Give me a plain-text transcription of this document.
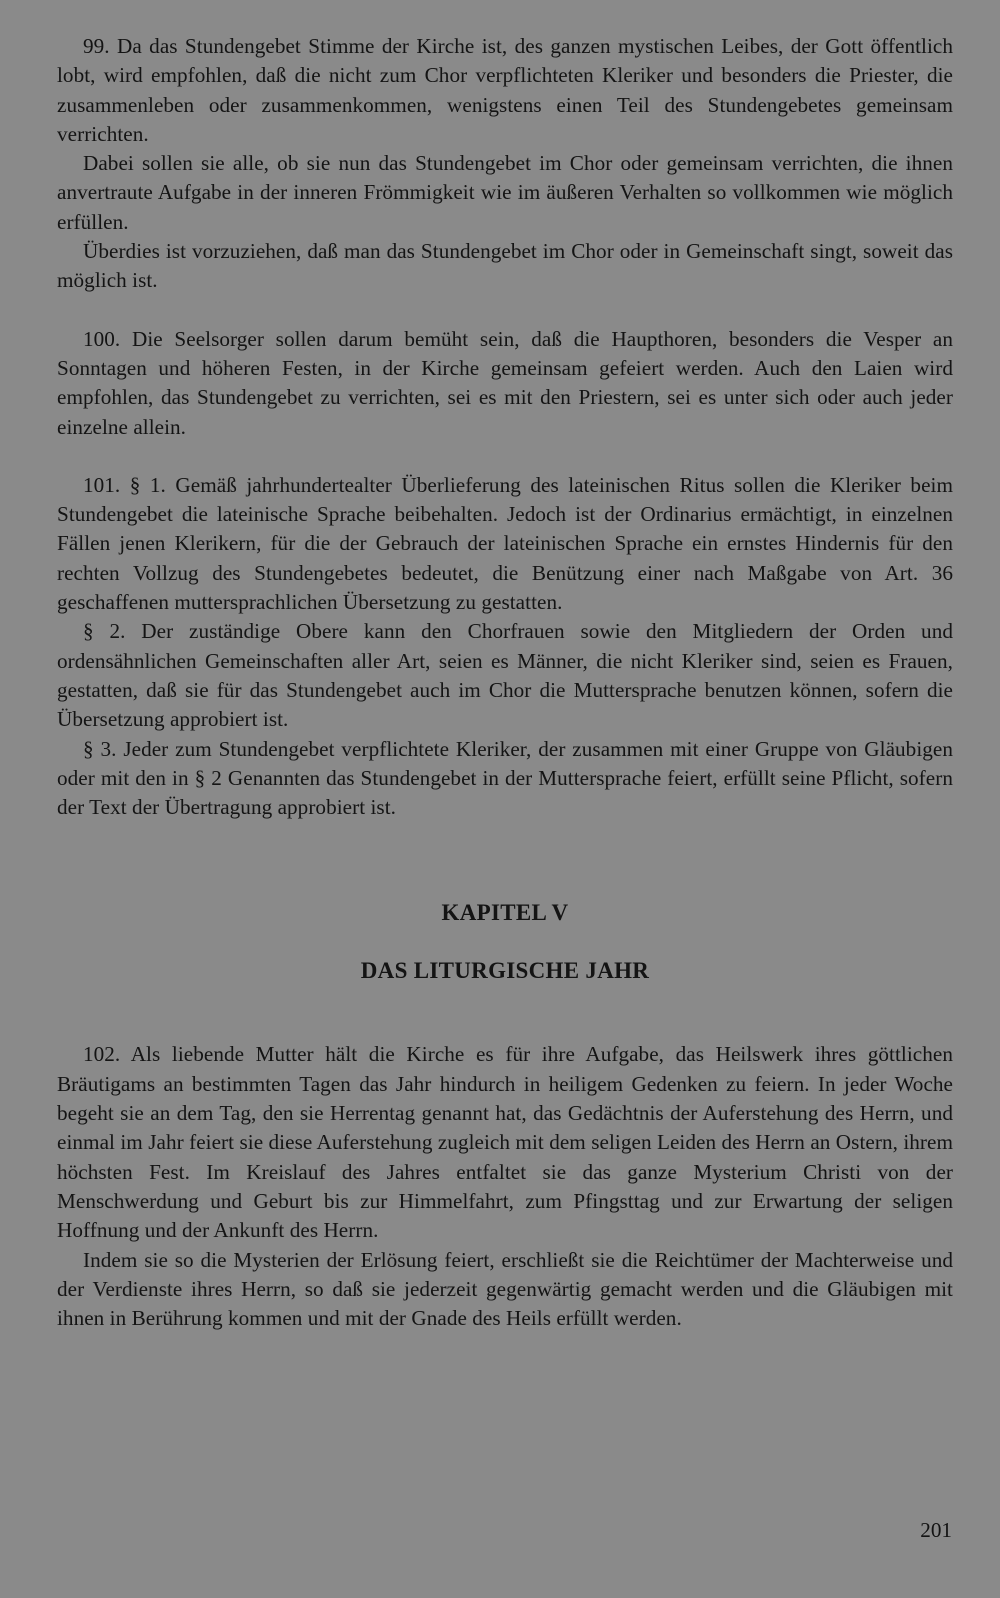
99. Da das Stundengebet Stimme der Kirche ist, des ganzen mystischen Leibes, der Gott öffentlich lobt, wird empfohlen, daß die nicht zum Chor verpflichteten Kleriker und besonders die Priester, die zusammenleben oder zusammenkommen, wenigstens einen Teil des Stundengebetes gemeinsam verrichten.

Dabei sollen sie alle, ob sie nun das Stundengebet im Chor oder gemeinsam verrichten, die ihnen anvertraute Aufgabe in der inneren Frömmigkeit wie im äußeren Verhalten so vollkommen wie möglich erfüllen.

Überdies ist vorzuziehen, daß man das Stundengebet im Chor oder in Gemeinschaft singt, soweit das möglich ist.

100. Die Seelsorger sollen darum bemüht sein, daß die Haupthoren, besonders die Vesper an Sonntagen und höheren Festen, in der Kirche gemeinsam gefeiert werden. Auch den Laien wird empfohlen, das Stundengebet zu verrichten, sei es mit den Priestern, sei es unter sich oder auch jeder einzelne allein.

101. § 1. Gemäß jahrhundertealter Überlieferung des lateinischen Ritus sollen die Kleriker beim Stundengebet die lateinische Sprache beibehalten. Jedoch ist der Ordinarius ermächtigt, in einzelnen Fällen jenen Klerikern, für die der Gebrauch der lateinischen Sprache ein ernstes Hindernis für den rechten Vollzug des Stundengebetes bedeutet, die Benützung einer nach Maßgabe von Art. 36 geschaffenen muttersprachlichen Übersetzung zu gestatten.

§ 2. Der zuständige Obere kann den Chorfrauen sowie den Mitgliedern der Orden und ordensähnlichen Gemeinschaften aller Art, seien es Männer, die nicht Kleriker sind, seien es Frauen, gestatten, daß sie für das Stundengebet auch im Chor die Muttersprache benutzen können, sofern die Übersetzung approbiert ist.

§ 3. Jeder zum Stundengebet verpflichtete Kleriker, der zusammen mit einer Gruppe von Gläubigen oder mit den in § 2 Genannten das Stundengebet in der Muttersprache feiert, erfüllt seine Pflicht, sofern der Text der Übertragung approbiert ist.

KAPITEL V
DAS LITURGISCHE JAHR

102. Als liebende Mutter hält die Kirche es für ihre Aufgabe, das Heilswerk ihres göttlichen Bräutigams an bestimmten Tagen das Jahr hindurch in heiligem Gedenken zu feiern. In jeder Woche begeht sie an dem Tag, den sie Herrentag genannt hat, das Gedächtnis der Auferstehung des Herrn, und einmal im Jahr feiert sie diese Auferstehung zugleich mit dem seligen Leiden des Herrn an Ostern, ihrem höchsten Fest. Im Kreislauf des Jahres entfaltet sie das ganze Mysterium Christi von der Menschwerdung und Geburt bis zur Himmelfahrt, zum Pfingsttag und zur Erwartung der seligen Hoffnung und der Ankunft des Herrn.

Indem sie so die Mysterien der Erlösung feiert, erschließt sie die Reichtümer der Machterweise und der Verdienste ihres Herrn, so daß sie jederzeit gegenwärtig gemacht werden und die Gläubigen mit ihnen in Berührung kommen und mit der Gnade des Heils erfüllt werden.

201
